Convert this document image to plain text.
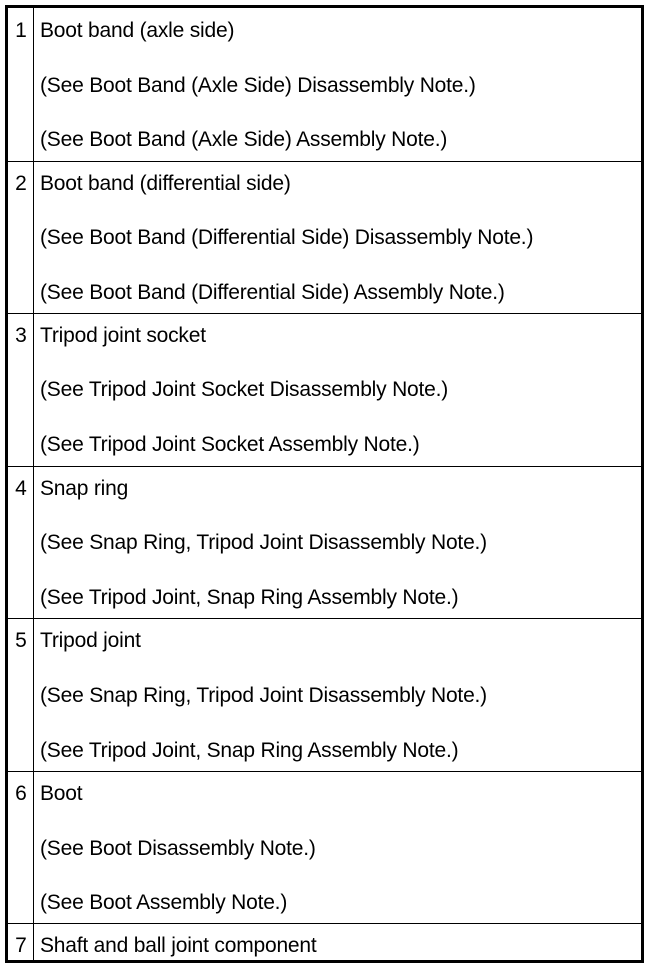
1 Boot band (axle side)
(See Boot Band (Axle Side) Disassembly Note.)
(See Boot Band (Axle Side) Assembly Note.)
2 Boot band (differential side)
(See Boot Band (Differential Side) Disassembly Note.)
(See Boot Band (Differential Side) Assembly Note.)
3 Tripod joint socket
(See Tripod Joint Socket Disassembly Note.)
(See Tripod Joint Socket Assembly Note.)
4 Snap ring
(See Snap Ring, Tripod Joint Disassembly Note.)
(See Tripod Joint, Snap Ring Assembly Note.)
5 Tripod joint
(See Snap Ring, Tripod Joint Disassembly Note.)
(See Tripod Joint, Snap Ring Assembly Note.)
6 Boot
(See Boot Disassembly Note.)
(See Boot Assembly Note.)
7 Shaft and ball joint component
